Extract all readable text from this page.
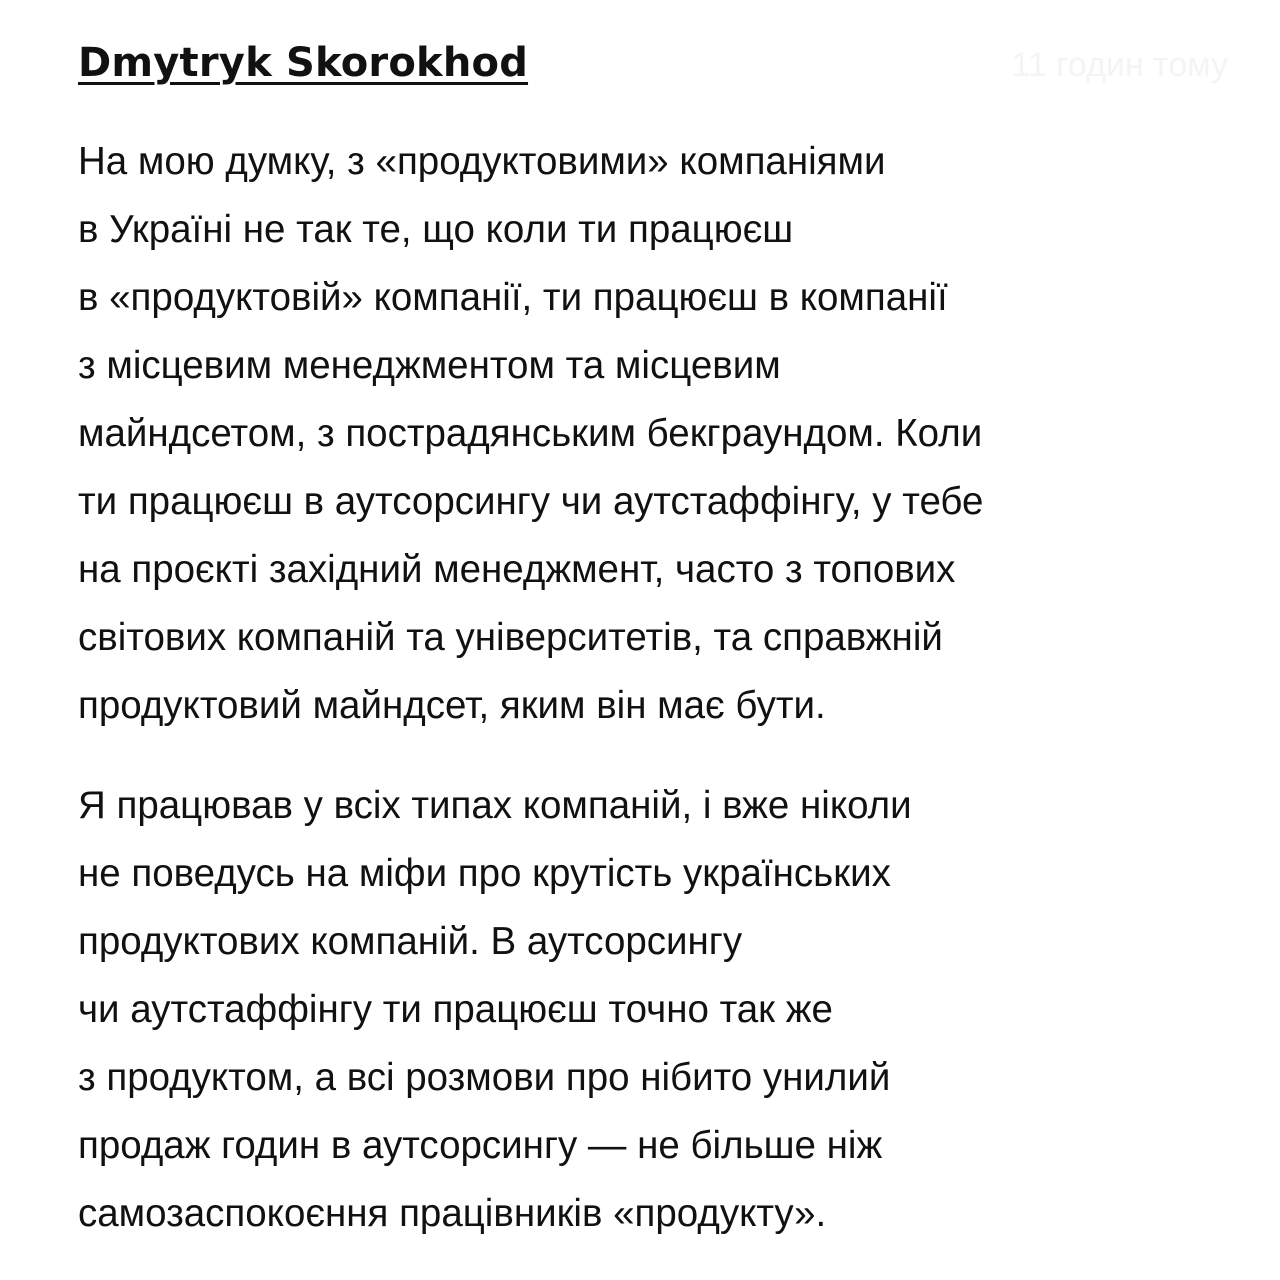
Dmytryk Skorokhod	11 годин тому

На мою думку, з «продуктовими» компаніями
в Україні не так те, що коли ти працюєш
в «продуктовій» компанії, ти працюєш в компанії
з місцевим менеджментом та місцевим
майндсетом, з пострадянським бекграундом. Коли
ти працюєш в аутсорсингу чи аутстаффінгу, у тебе
на проєкті західний менеджмент, часто з топових
світових компаній та університетів, та справжній
продуктовий майндсет, яким він має бути.

Я працював у всіх типах компаній, і вже ніколи
не поведусь на міфи про крутість українських
продуктових компаній. В аутсорсингу
чи аутстаффінгу ти працюєш точно так же
з продуктом, а всі розмови про нібито унилий
продаж годин в аутсорсингу — не більше ніж
самозаспокоєння працівників «продукту».
